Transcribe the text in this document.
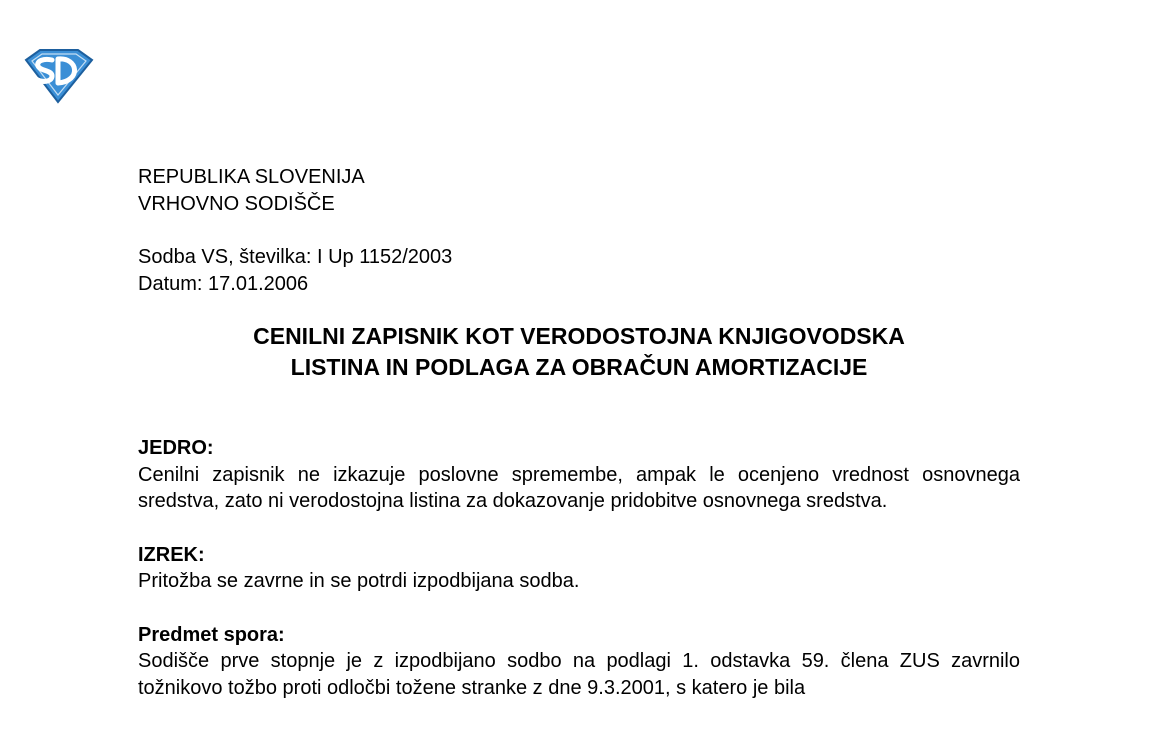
REPUBLIKA SLOVENIJA
VRHOVNO SODIŠČE
Sodba VS, številka: I Up 1152/2003
Datum: 17.01.2006
CENILNI ZAPISNIK KOT VERODOSTOJNA KNJIGOVODSKA
LISTINA IN PODLAGA ZA OBRAČUN AMORTIZACIJE

JEDRO:

Cenilni zapisnik ne izkazuje poslovne spremembe, ampak le ocenjeno vrednost osnovnega sredstva, zato ni verodostojna listina za dokazovanje pridobitve osnovnega sredstva.

IZREK:

Pritožba se zavrne in se potrdi izpodbijana sodba.

Predmet spora:

Sodišče prve stopnje je z izpodbijano sodbo na podlagi 1. odstavka 59. člena ZUS zavrnilo tožnikovo tožbo proti odločbi tožene stranke z dne 9.3.2001, s katero je bila
